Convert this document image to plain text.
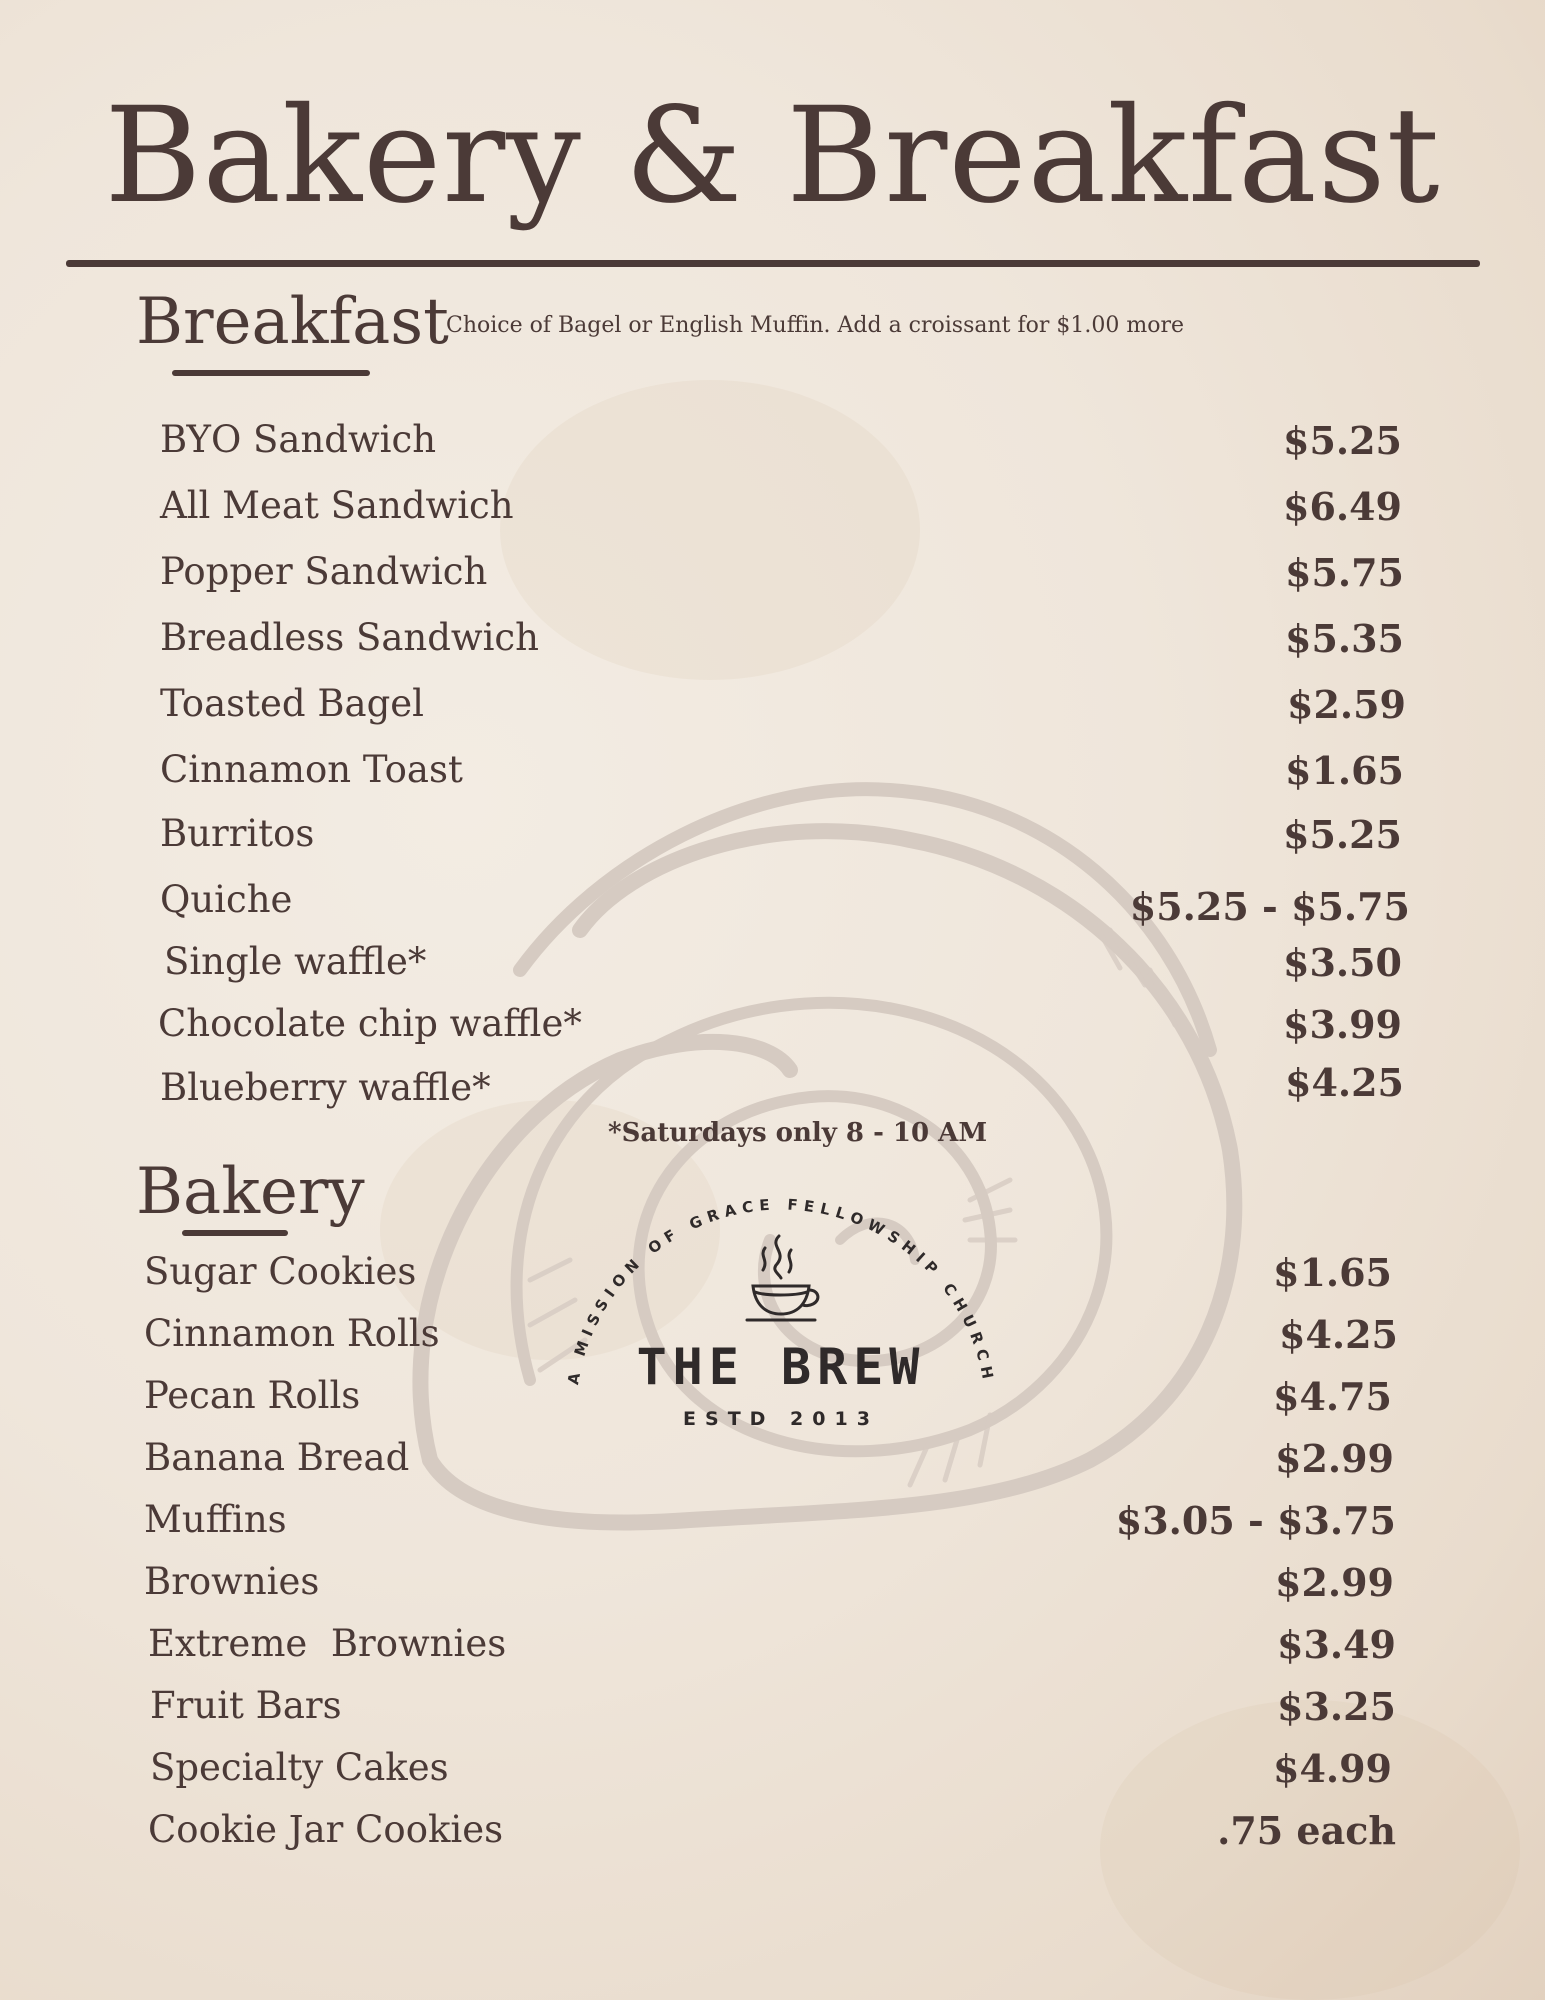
Bakery & Breakfast
Breakfast
Choice of Bagel or English Muffin. Add a croissant for $1.00 more
BYO Sandwich	$5.25
All Meat Sandwich	$6.49
Popper Sandwich	$5.75
Breadless Sandwich	$5.35
Toasted Bagel	$2.59
Cinnamon Toast	$1.65
Burritos	$5.25
Quiche	$5.25 - $5.75
Single waffle*	$3.50
Chocolate chip waffle*	$3.99
Blueberry waffle*	$4.25
*Saturdays only 8 - 10 AM
Bakery
Sugar Cookies	$1.65
Cinnamon Rolls	$4.25
Pecan Rolls	$4.75
Banana Bread	$2.99
Muffins	$3.05 - $3.75
Brownies	$2.99
Extreme  Brownies	$3.49
Fruit Bars	$3.25
Specialty Cakes	$4.99
Cookie Jar Cookies	.75 each
A MISSION OF GRACE FELLOWSHIP CHURCH
THE BREW
ESTD 2013
